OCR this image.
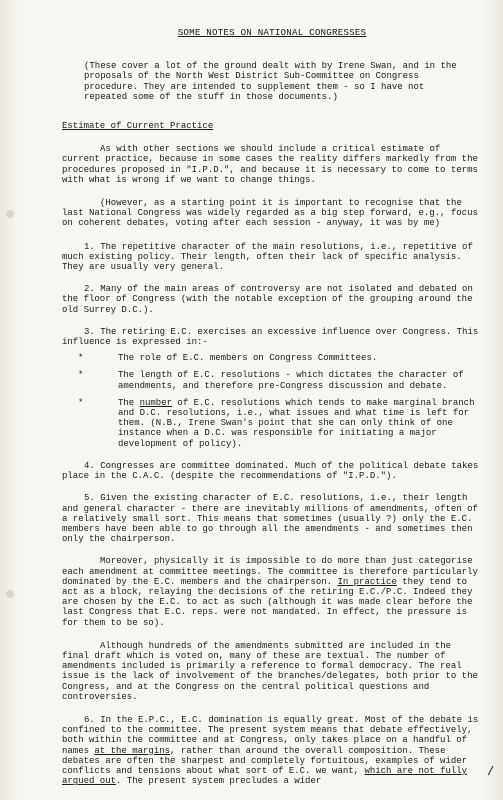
SOME NOTES ON NATIONAL CONGRESSES

(These cover a lot of the ground dealt with by Irene Swan, and in the proposals of the North West District Sub-Committee on Congress procedure. They are intended to supplement them - so I have not repeated some of the stuff in those documents.)

Estimate of Current Practice

As with other sections we should include a critical estimate of current practice, because in some cases the reality differs markedly from the procedures proposed in "I.P.D.", and because it is necessary to come to terms with what is wrong if we want to change things.

(However, as a starting point it is important to recognise that the last National Congress was widely regarded as a big step forward, e.g., focus on coherent debates, voting after each session - anyway, it was by me)

1. The repetitive character of the main resolutions, i.e., repetitive of much existing policy. Their length, often their lack of specific analysis. They are usually very general.

2. Many of the main areas of controversy are not isolated and debated on the floor of Congress (with the notable exception of the grouping around the old Surrey D.C.).

3. The retiring E.C. exercises an excessive influence over Congress. This influence is expressed in:-

*	The role of E.C. members on Congress Committees.
*	The length of E.C. resolutions - which dictates the character of amendments, and therefore pre-Congress discussion and debate.
*	The number of E.C. resolutions which tends to make marginal branch and D.C. resolutions, i.e., what issues and what time is left for them. (N.B., Irene Swan's point that she can only think of one instance when a D.C. was responsible for initiating a major development of policy).

4. Congresses are committee dominated. Much of the political debate takes place in the C.A.C. (despite the recommendations of "I.P.D.").

5. Given the existing character of E.C. resolutions, i.e., their length and general character - there are inevitably millions of amendments, often of a relatively small sort. This means that sometimes (usually ?) only the E.C. members have been able to go through all the amendments - and sometimes then only the chairperson.

Moreover, physically it is impossible to do more than just categorise each amendment at committee meetings. The committee is therefore particularly dominated by the E.C. members and the chairperson. In practice they tend to act as a block, relaying the decisions of the retiring E.C./P.C. Indeed they are chosen by the E.C. to act as such (although it was made clear before the last Congress that E.C. reps. were not mandated. In effect, the pressure is for them to be so).

Although hundreds of the amendments submitted are included in the final draft which is voted on, many of these are textual. The number of amendments included is primarily a reference to formal democracy. The real issue is the lack of involvement of the branches/delegates, both prior to the Congress, and at the Congress on the central political questions and controversies.

6. In the E.P.C., E.C. domination is equally great. Most of the debate is confined to the committee. The present system means that debate effectively, both within the committee and at Congress, only takes place on a handful of names at the margins, rather than around the overall composition. These debates are often the sharpest and completely fortuitous, examples of wider conflicts and tensions about what sort of E.C. we want, which are not fully argued out. The present system precludes a wider

/
